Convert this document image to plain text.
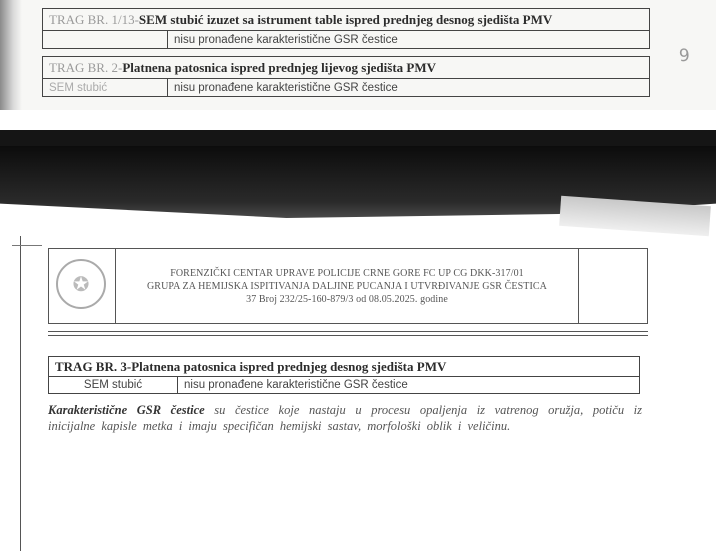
TRAG BR. 1/13-SEM stubić izuzet sa istrument table ispred prednjeg desnog sjedišta PMV
	nisu pronađene karakteristične GSR čestice
TRAG BR. 2-Platnena patosnica ispred prednjeg lijevog sjedišta PMV
SEM stubić	nisu pronađene karakteristične GSR čestice
9
✪	FORENZIČKI CENTAR UPRAVE POLICIJE CRNE GORE FC UP CG DKK-317/01
GRUPA ZA HEMIJSKA ISPITIVANJA DALJINE PUCANJA I UTVRĐIVANJE GSR ČESTICA
37 Broj 232/25-160-879/3 od 08.05.2025. godine
TRAG BR. 3-Platnena patosnica ispred prednjeg desnog sjedišta PMV
SEM stubić	nisu pronađene karakteristične GSR čestice
Karakteristične GSR čestice su čestice koje nastaju u procesu opaljenja iz vatrenog oružja, potiču iz inicijalne kapisle metka i imaju specifičan hemijski sastav, morfološki oblik i veličinu.
